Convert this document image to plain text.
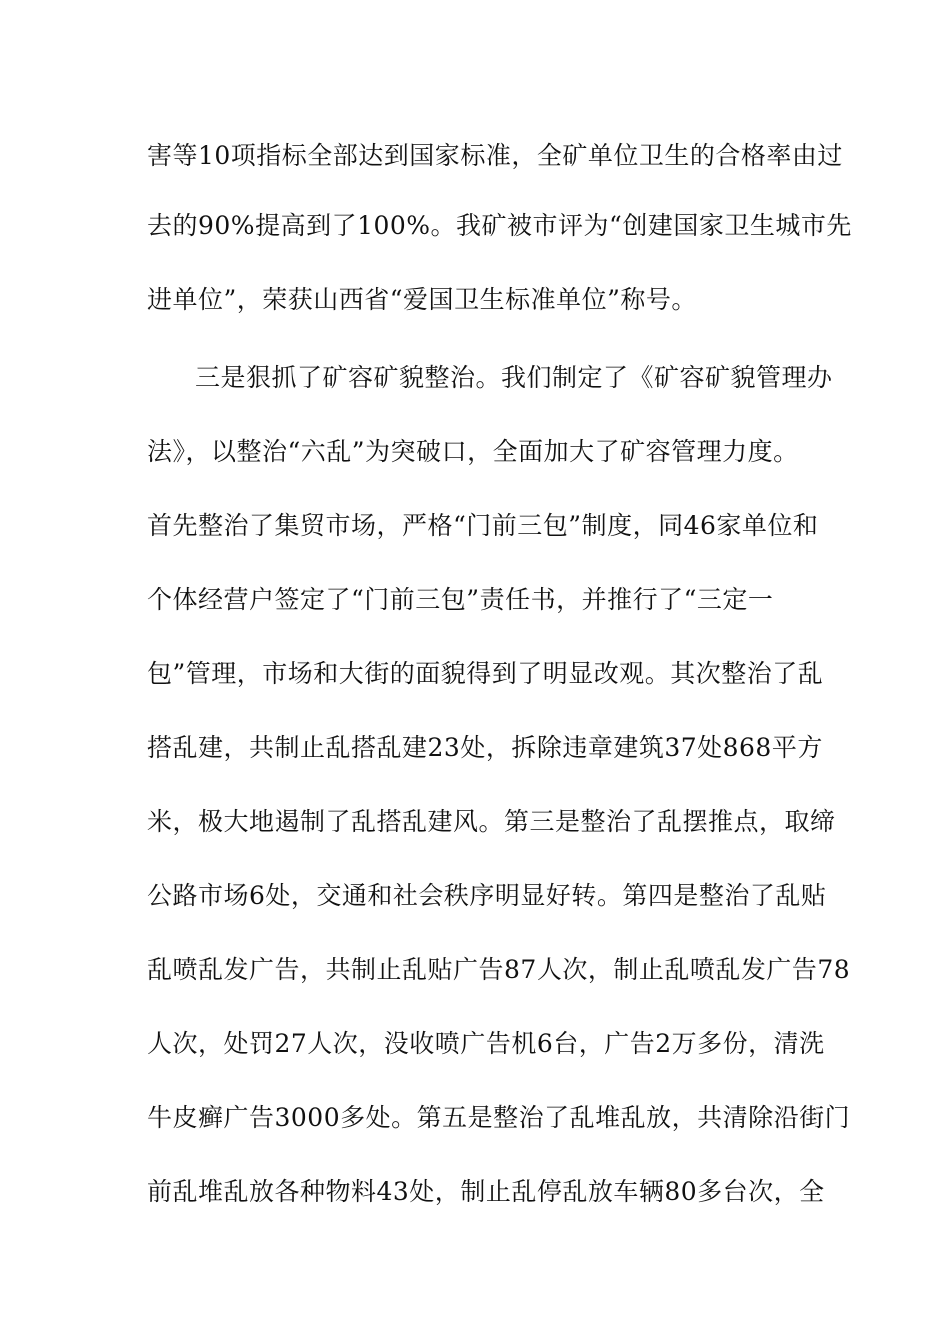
害等10项指标全部达到国家标准，全矿单位卫生的合格率由过
去的90%提高到了100%。我矿被市评为“创建国家卫生城市先
进单位”，荣获山西省“爱国卫生标准单位”称号。
三是狠抓了矿容矿貌整治。我们制定了《矿容矿貌管理办
法》，以整治“六乱”为突破口，全面加大了矿容管理力度。
首先整治了集贸市场，严格“门前三包”制度，同46家单位和
个体经营户签定了“门前三包”责任书，并推行了“三定一
包”管理，市场和大街的面貌得到了明显改观。其次整治了乱
搭乱建，共制止乱搭乱建23处，拆除违章建筑37处868平方
米，极大地遏制了乱搭乱建风。第三是整治了乱摆推点，取缔
公路市场6处，交通和社会秩序明显好转。第四是整治了乱贴
乱喷乱发广告，共制止乱贴广告87人次，制止乱喷乱发广告78
人次，处罚27人次，没收喷广告机6台，广告2万多份，清洗
牛皮癣广告3000多处。第五是整治了乱堆乱放，共清除沿街门
前乱堆乱放各种物料43处，制止乱停乱放车辆80多台次，全
